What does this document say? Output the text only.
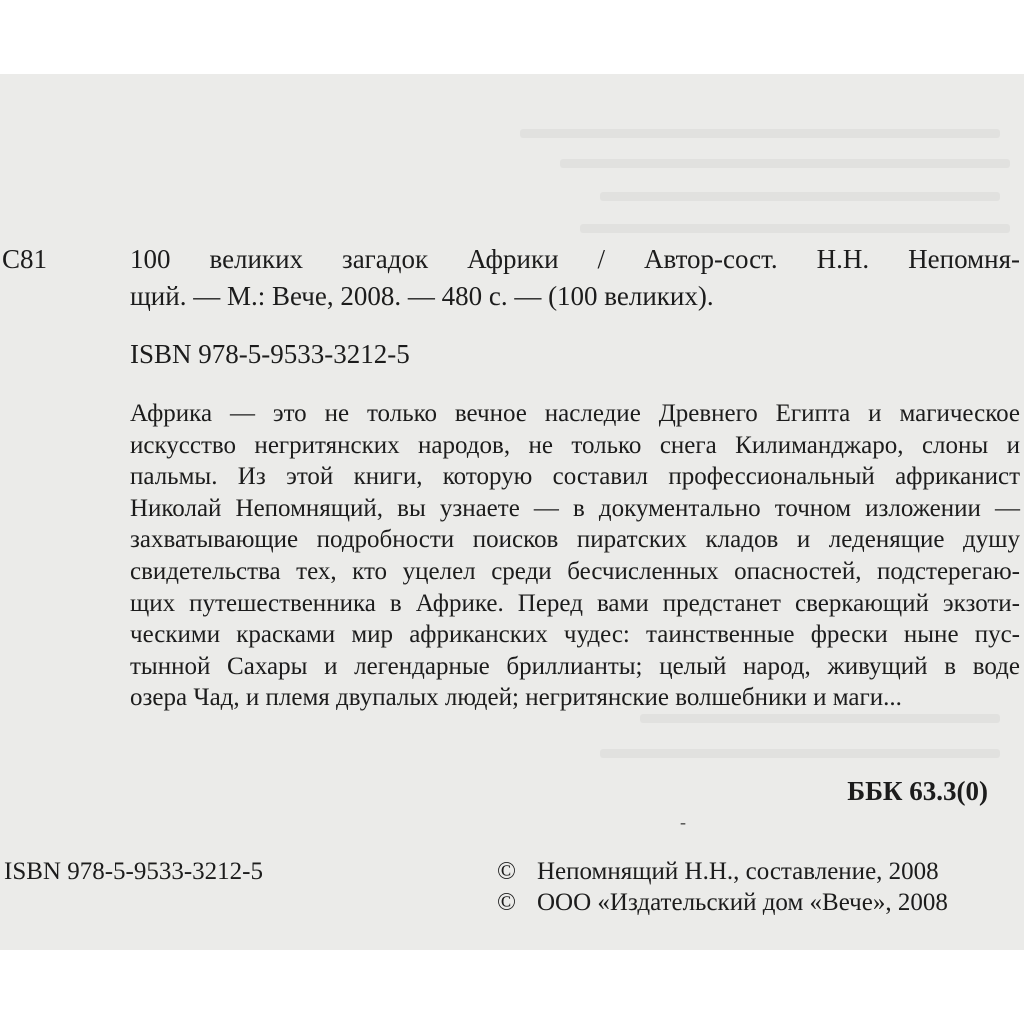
С81	100 великих загадок Африки / Автор-сост. Н.Н. Непомня-
щий. — М.: Вече, 2008. — 480 с. — (100 великих).
ISBN 978-5-9533-3212-5
Африка — это не только вечное наследие Древнего Египта и магическое
искусство негритянских народов, не только снега Килиманджаро, слоны и
пальмы. Из этой книги, которую составил профессиональный африканист
Николай Непомнящий, вы узнаете — в документально точном изложении —
захватывающие подробности поисков пиратских кладов и леденящие душу
свидетельства тех, кто уцелел среди бесчисленных опасностей, подстерегаю-
щих путешественника в Африке. Перед вами предстанет сверкающий экзоти-
ческими красками мир африканских чудес: таинственные фрески ныне пус-
тынной Сахары и легендарные бриллианты; целый народ, живущий в воде
озера Чад, и племя двупалых людей; негритянские волшебники и маги...
ББК 63.3(0)
-
ISBN 978-5-9533-3212-5	© Непомнящий Н.Н., составление, 2008
© ООО «Издательский дом «Вече», 2008
